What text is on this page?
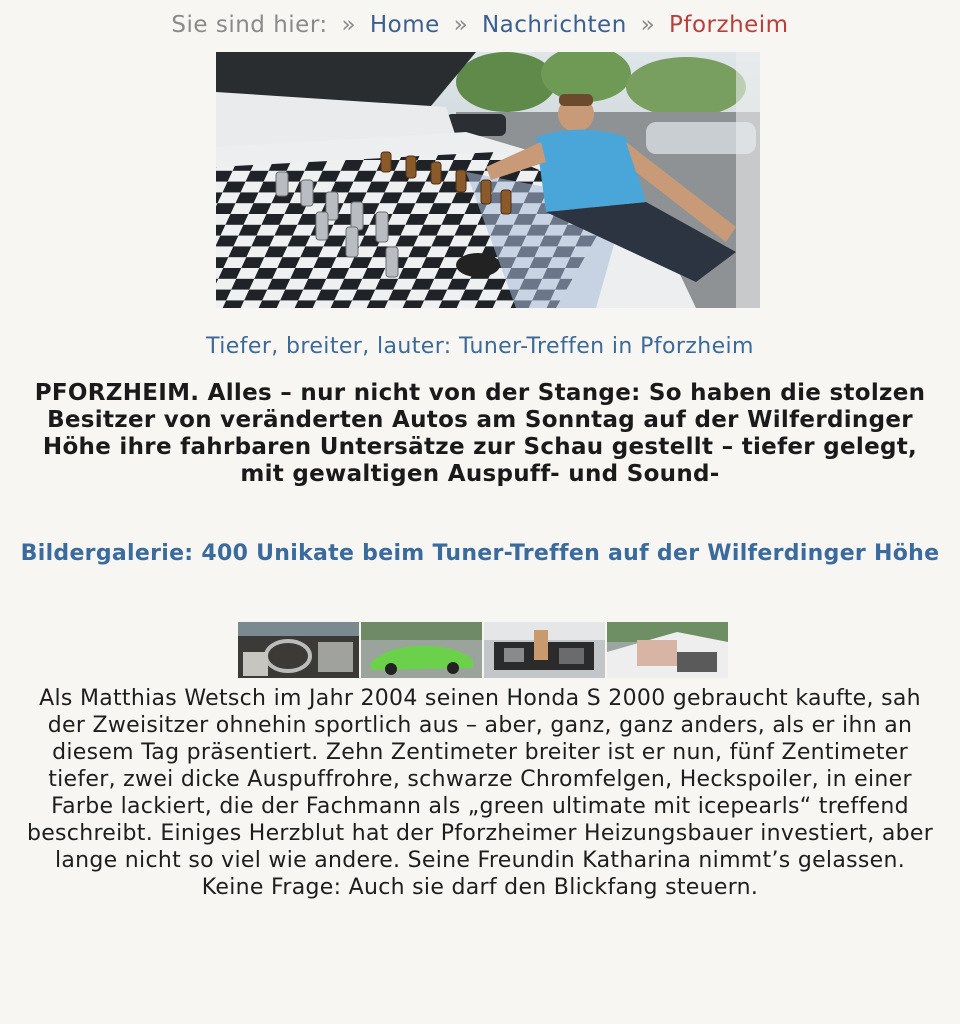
Sie sind hier: » Home » Nachrichten » Pforzheim
Tiefer, breiter, lauter: Tuner-Treffen in Pforzheim
PFORZHEIM. Alles – nur nicht von der Stange: So haben die stolzen Besitzer von veränderten Autos am Sonntag auf der Wilferdinger Höhe ihre fahrbaren Untersätze zur Schau gestellt – tiefer gelegt, mit gewaltigen Auspuff- und Sound-
Bildergalerie: 400 Unikate beim Tuner-Treffen auf der Wilferdinger Höhe
Als Matthias Wetsch im Jahr 2004 seinen Honda S 2000 gebraucht kaufte, sah der Zweisitzer ohnehin sportlich aus – aber, ganz, ganz anders, als er ihn an diesem Tag präsentiert. Zehn Zentimeter breiter ist er nun, fünf Zentimeter tiefer, zwei dicke Auspuffrohre, schwarze Chromfelgen, Heckspoiler, in einer Farbe lackiert, die der Fachmann als „green ultimate mit icepearls“ treffend beschreibt. Einiges Herzblut hat der Pforzheimer Heizungsbauer investiert, aber lange nicht so viel wie andere. Seine Freundin Katharina nimmt’s gelassen. Keine Frage: Auch sie darf den Blickfang steuern.
